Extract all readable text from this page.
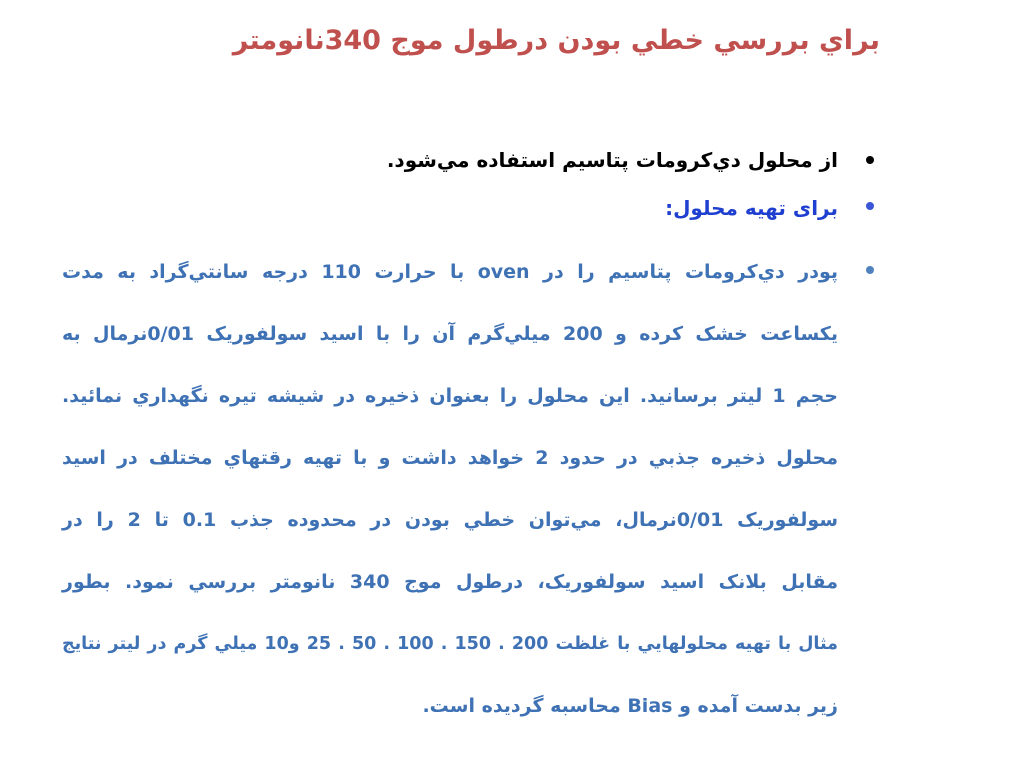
براي بررسي خطي بودن درطول موج 340نانومتر
از محلول دي‌كرومات پتاسيم استفاده مي‌شود.
براى تهيه محلول:
پودر دي‌كرومات پتاسيم را در oven با حرارت 110 درجه سانتي‌گراد به مدت
يكساعت خشک كرده و 200 ميلي‌گرم آن را با اسيد سولفوريک 0/01نرمال به
حجم 1 ليتر برسانيد. اين محلول را بعنوان ذخيره در شيشه تيره نگهداري نمائيد.
محلول ذخيره جذبي در حدود 2 خواهد داشت و با تهيه رقتهاي مختلف در اسيد
سولفوريک 0/01نرمال، مي‌توان خطي بودن در محدوده جذب 0.1 تا 2 را در
مقابل بلانک اسيد سولفوريک، درطول موج 340 نانومتر بررسي نمود. بطور
مثال با تهيه محلولهايي با غلظت 200 . 150 . 100 . 50 . 25 و10 ميلي گرم در ليتر نتايج
زير بدست آمده و Bias محاسبه گرديده است.
